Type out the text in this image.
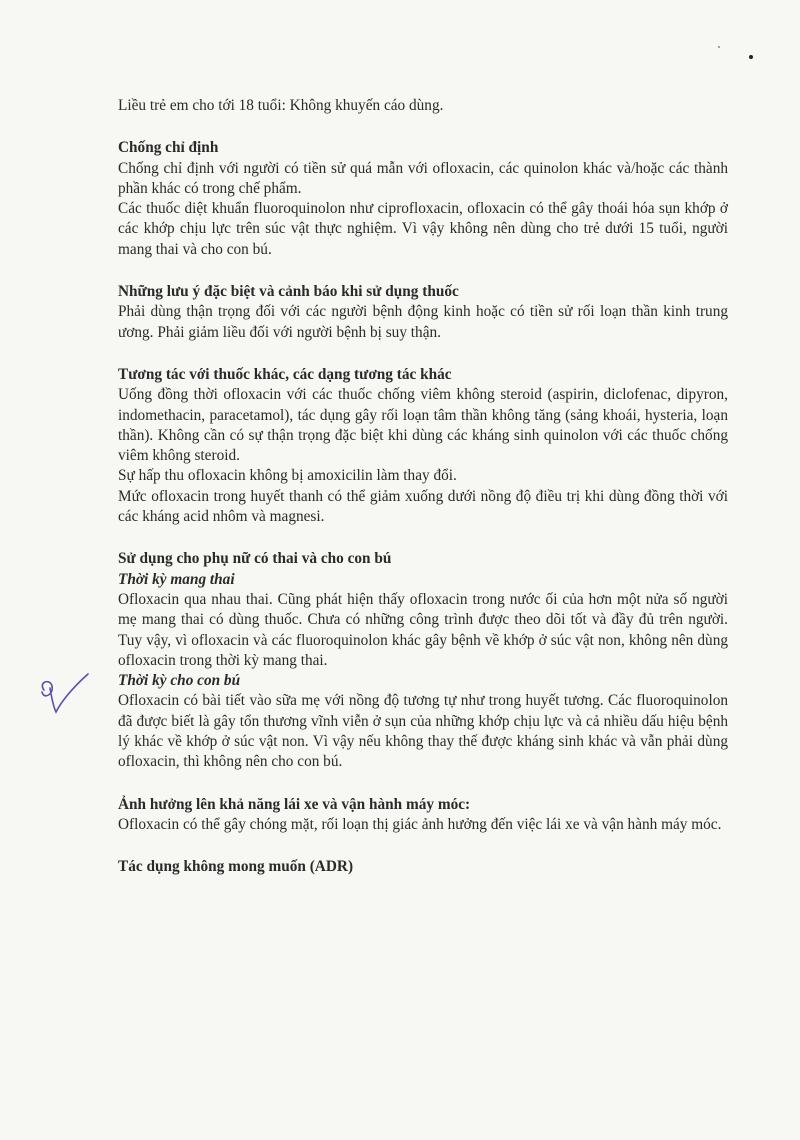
Liều trẻ em cho tới 18 tuổi: Không khuyến cáo dùng.

Chống chỉ định

Chống chỉ định với người có tiền sử quá mẫn với ofloxacin, các quinolon khác và/hoặc các thành phần khác có trong chế phẩm.

Các thuốc diệt khuẩn fluoroquinolon như ciprofloxacin, ofloxacin có thể gây thoái hóa sụn khớp ở các khớp chịu lực trên súc vật thực nghiệm. Vì vậy không nên dùng cho trẻ dưới 15 tuổi, người mang thai và cho con bú.

Những lưu ý đặc biệt và cảnh báo khi sử dụng thuốc

Phải dùng thận trọng đối với các người bệnh động kinh hoặc có tiền sử rối loạn thần kinh trung ương. Phải giảm liều đối với người bệnh bị suy thận.

Tương tác với thuốc khác, các dạng tương tác khác

Uống đồng thời ofloxacin với các thuốc chống viêm không steroid (aspirin, diclofenac, dipyron, indomethacin, paracetamol), tác dụng gây rối loạn tâm thần không tăng (sảng khoái, hysteria, loạn thần). Không cần có sự thận trọng đặc biệt khi dùng các kháng sinh quinolon với các thuốc chống viêm không steroid.

Sự hấp thu ofloxacin không bị amoxicilin làm thay đổi.

Mức ofloxacin trong huyết thanh có thể giảm xuống dưới nồng độ điều trị khi dùng đồng thời với các kháng acid nhôm và magnesi.

Sử dụng cho phụ nữ có thai và cho con bú

Thời kỳ mang thai

Ofloxacin qua nhau thai. Cũng phát hiện thấy ofloxacin trong nước ối của hơn một nửa số người mẹ mang thai có dùng thuốc. Chưa có những công trình được theo dõi tốt và đầy đủ trên người. Tuy vậy, vì ofloxacin và các fluoroquinolon khác gây bệnh về khớp ở súc vật non, không nên dùng ofloxacin trong thời kỳ mang thai.

Thời kỳ cho con bú

Ofloxacin có bài tiết vào sữa mẹ với nồng độ tương tự như trong huyết tương. Các fluoroquinolon đã được biết là gây tổn thương vĩnh viễn ở sụn của những khớp chịu lực và cả nhiều dấu hiệu bệnh lý khác về khớp ở súc vật non. Vì vậy nếu không thay thế được kháng sinh khác và vẫn phải dùng ofloxacin, thì không nên cho con bú.

Ảnh hưởng lên khả năng lái xe và vận hành máy móc:

Ofloxacin có thể gây chóng mặt, rối loạn thị giác ảnh hưởng đến việc lái xe và vận hành máy móc.

Tác dụng không mong muốn (ADR)
